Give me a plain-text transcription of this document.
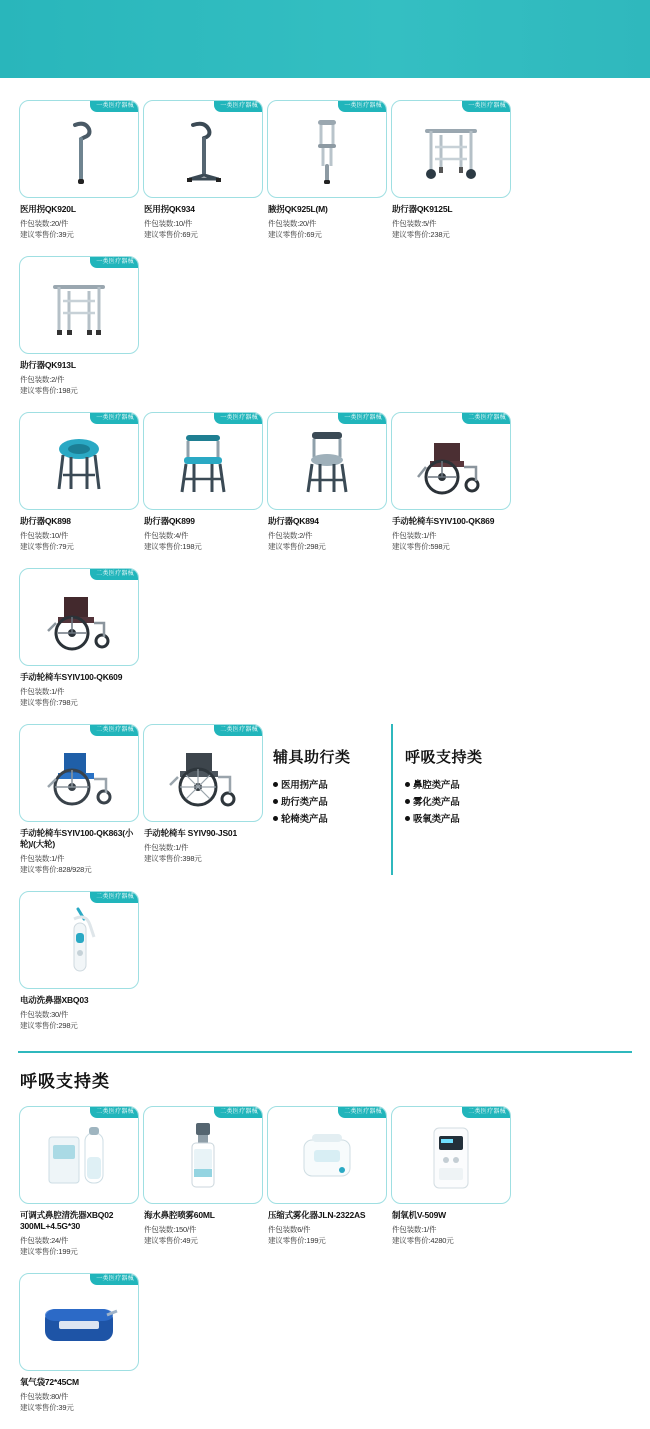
一类医疗器械
医用拐QK920L
件包装数:20/件
建议零售价:39元
一类医疗器械
医用拐QK934
件包装数:10/件
建议零售价:69元
一类医疗器械
腋拐QK925L(M)
件包装数:20/件
建议零售价:69元
一类医疗器械
助行器QK9125L
件包装数:5/件
建议零售价:238元
一类医疗器械
助行器QK913L
件包装数:2/件
建议零售价:198元
一类医疗器械
助行器QK898
件包装数:10/件
建议零售价:79元
一类医疗器械
助行器QK899
件包装数:4/件
建议零售价:198元
一类医疗器械
助行器QK894
件包装数:2/件
建议零售价:298元
二类医疗器械
手动轮椅车SYIV100-QK869
件包装数:1/件
建议零售价:598元
二类医疗器械
手动轮椅车SYIV100-QK609
件包装数:1/件
建议零售价:798元
二类医疗器械
手动轮椅车SYIV100-QK863(小轮)/(大轮)
件包装数:1/件
建议零售价:828/928元
二类医疗器械
手动轮椅车 SYIV90-JS01
件包装数:1/件
建议零售价:398元
辅具助行类
医用拐产品
助行类产品
轮椅类产品
呼吸支持类
鼻腔类产品
雾化类产品
吸氧类产品
二类医疗器械
电动洗鼻器XBQ03
件包装数:30/件
建议零售价:298元
呼吸支持类
二类医疗器械
可调式鼻腔清洗器XBQ02 300ML+4.5G*30
件包装数:24/件
建议零售价:199元
二类医疗器械
海水鼻腔喷雾60ML
件包装数:150/件
建议零售价:49元
二类医疗器械
压缩式雾化器JLN-2322AS
件包装数6/件
建议零售价:199元
二类医疗器械
制氧机V-509W
件包装数:1/件
建议零售价:4280元
一类医疗器械
氧气袋72*45CM
件包装数:80/件
建议零售价:39元
